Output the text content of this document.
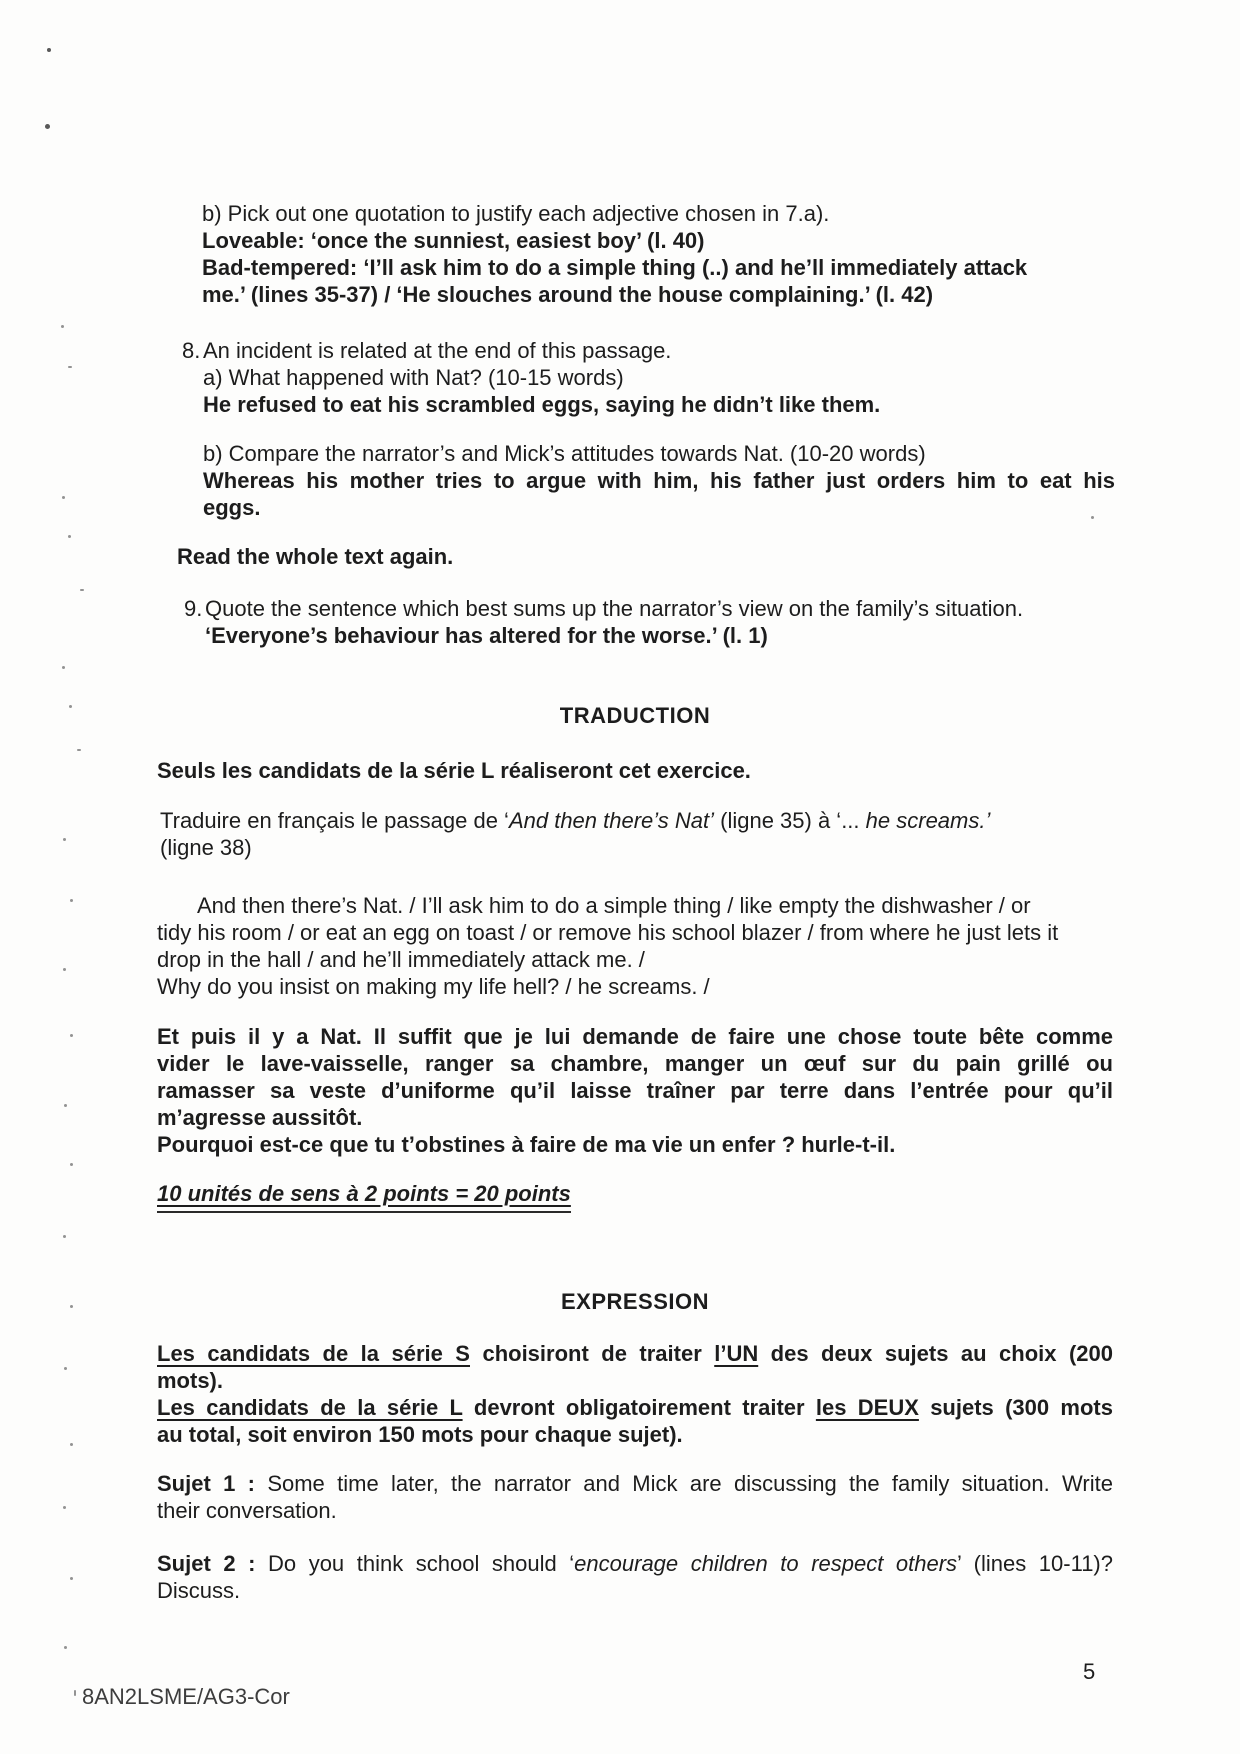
b) Pick out one quotation to justify each adjective chosen in 7.a).
Loveable: ‘once the sunniest, easiest boy’ (l. 40)
Bad-tempered: ‘I’ll ask him to do a simple thing (..) and he’ll immediately attack
me.’ (lines 35-37) / ‘He slouches around the house complaining.’ (l. 42)
8. An incident is related at the end of this passage.
a) What happened with Nat? (10-15 words)
He refused to eat his scrambled eggs, saying he didn’t like them.
b) Compare the narrator’s and Mick’s attitudes towards Nat. (10-20 words)
Whereas his mother tries to argue with him, his father just orders him to eat his
eggs.
Read the whole text again.
9. Quote the sentence which best sums up the narrator’s view on the family’s situation.
‘Everyone’s behaviour has altered for the worse.’ (l. 1)
TRADUCTION
Seuls les candidats de la série L réaliseront cet exercice.
Traduire en français le passage de ‘And then there’s Nat’ (ligne 35) à ‘... he screams.’
(ligne 38)
And then there’s Nat. / I’ll ask him to do a simple thing / like empty the dishwasher / or
tidy his room / or eat an egg on toast / or remove his school blazer / from where he just lets it
drop in the hall / and he’ll immediately attack me. /
Why do you insist on making my life hell? / he screams. /
Et puis il y a Nat. Il suffit que je lui demande de faire une chose toute bête comme
vider le lave-vaisselle, ranger sa chambre, manger un œuf sur du pain grillé ou
ramasser sa veste d’uniforme qu’il laisse traîner par terre dans l’entrée pour qu’il
m’agresse aussitôt.
Pourquoi est-ce que tu t’obstines à faire de ma vie un enfer ? hurle-t-il.
10 unités de sens à 2 points = 20 points
EXPRESSION
Les candidats de la série S choisiront de traiter l’UN des deux sujets au choix (200
mots).
Les candidats de la série L devront obligatoirement traiter les DEUX sujets (300 mots
au total, soit environ 150 mots pour chaque sujet).
Sujet 1 : Some time later, the narrator and Mick are discussing the family situation. Write
their conversation.
Sujet 2 : Do you think school should ‘encourage children to respect others’ (lines 10-11)?
Discuss.
5
8AN2LSME/AG3-Cor
